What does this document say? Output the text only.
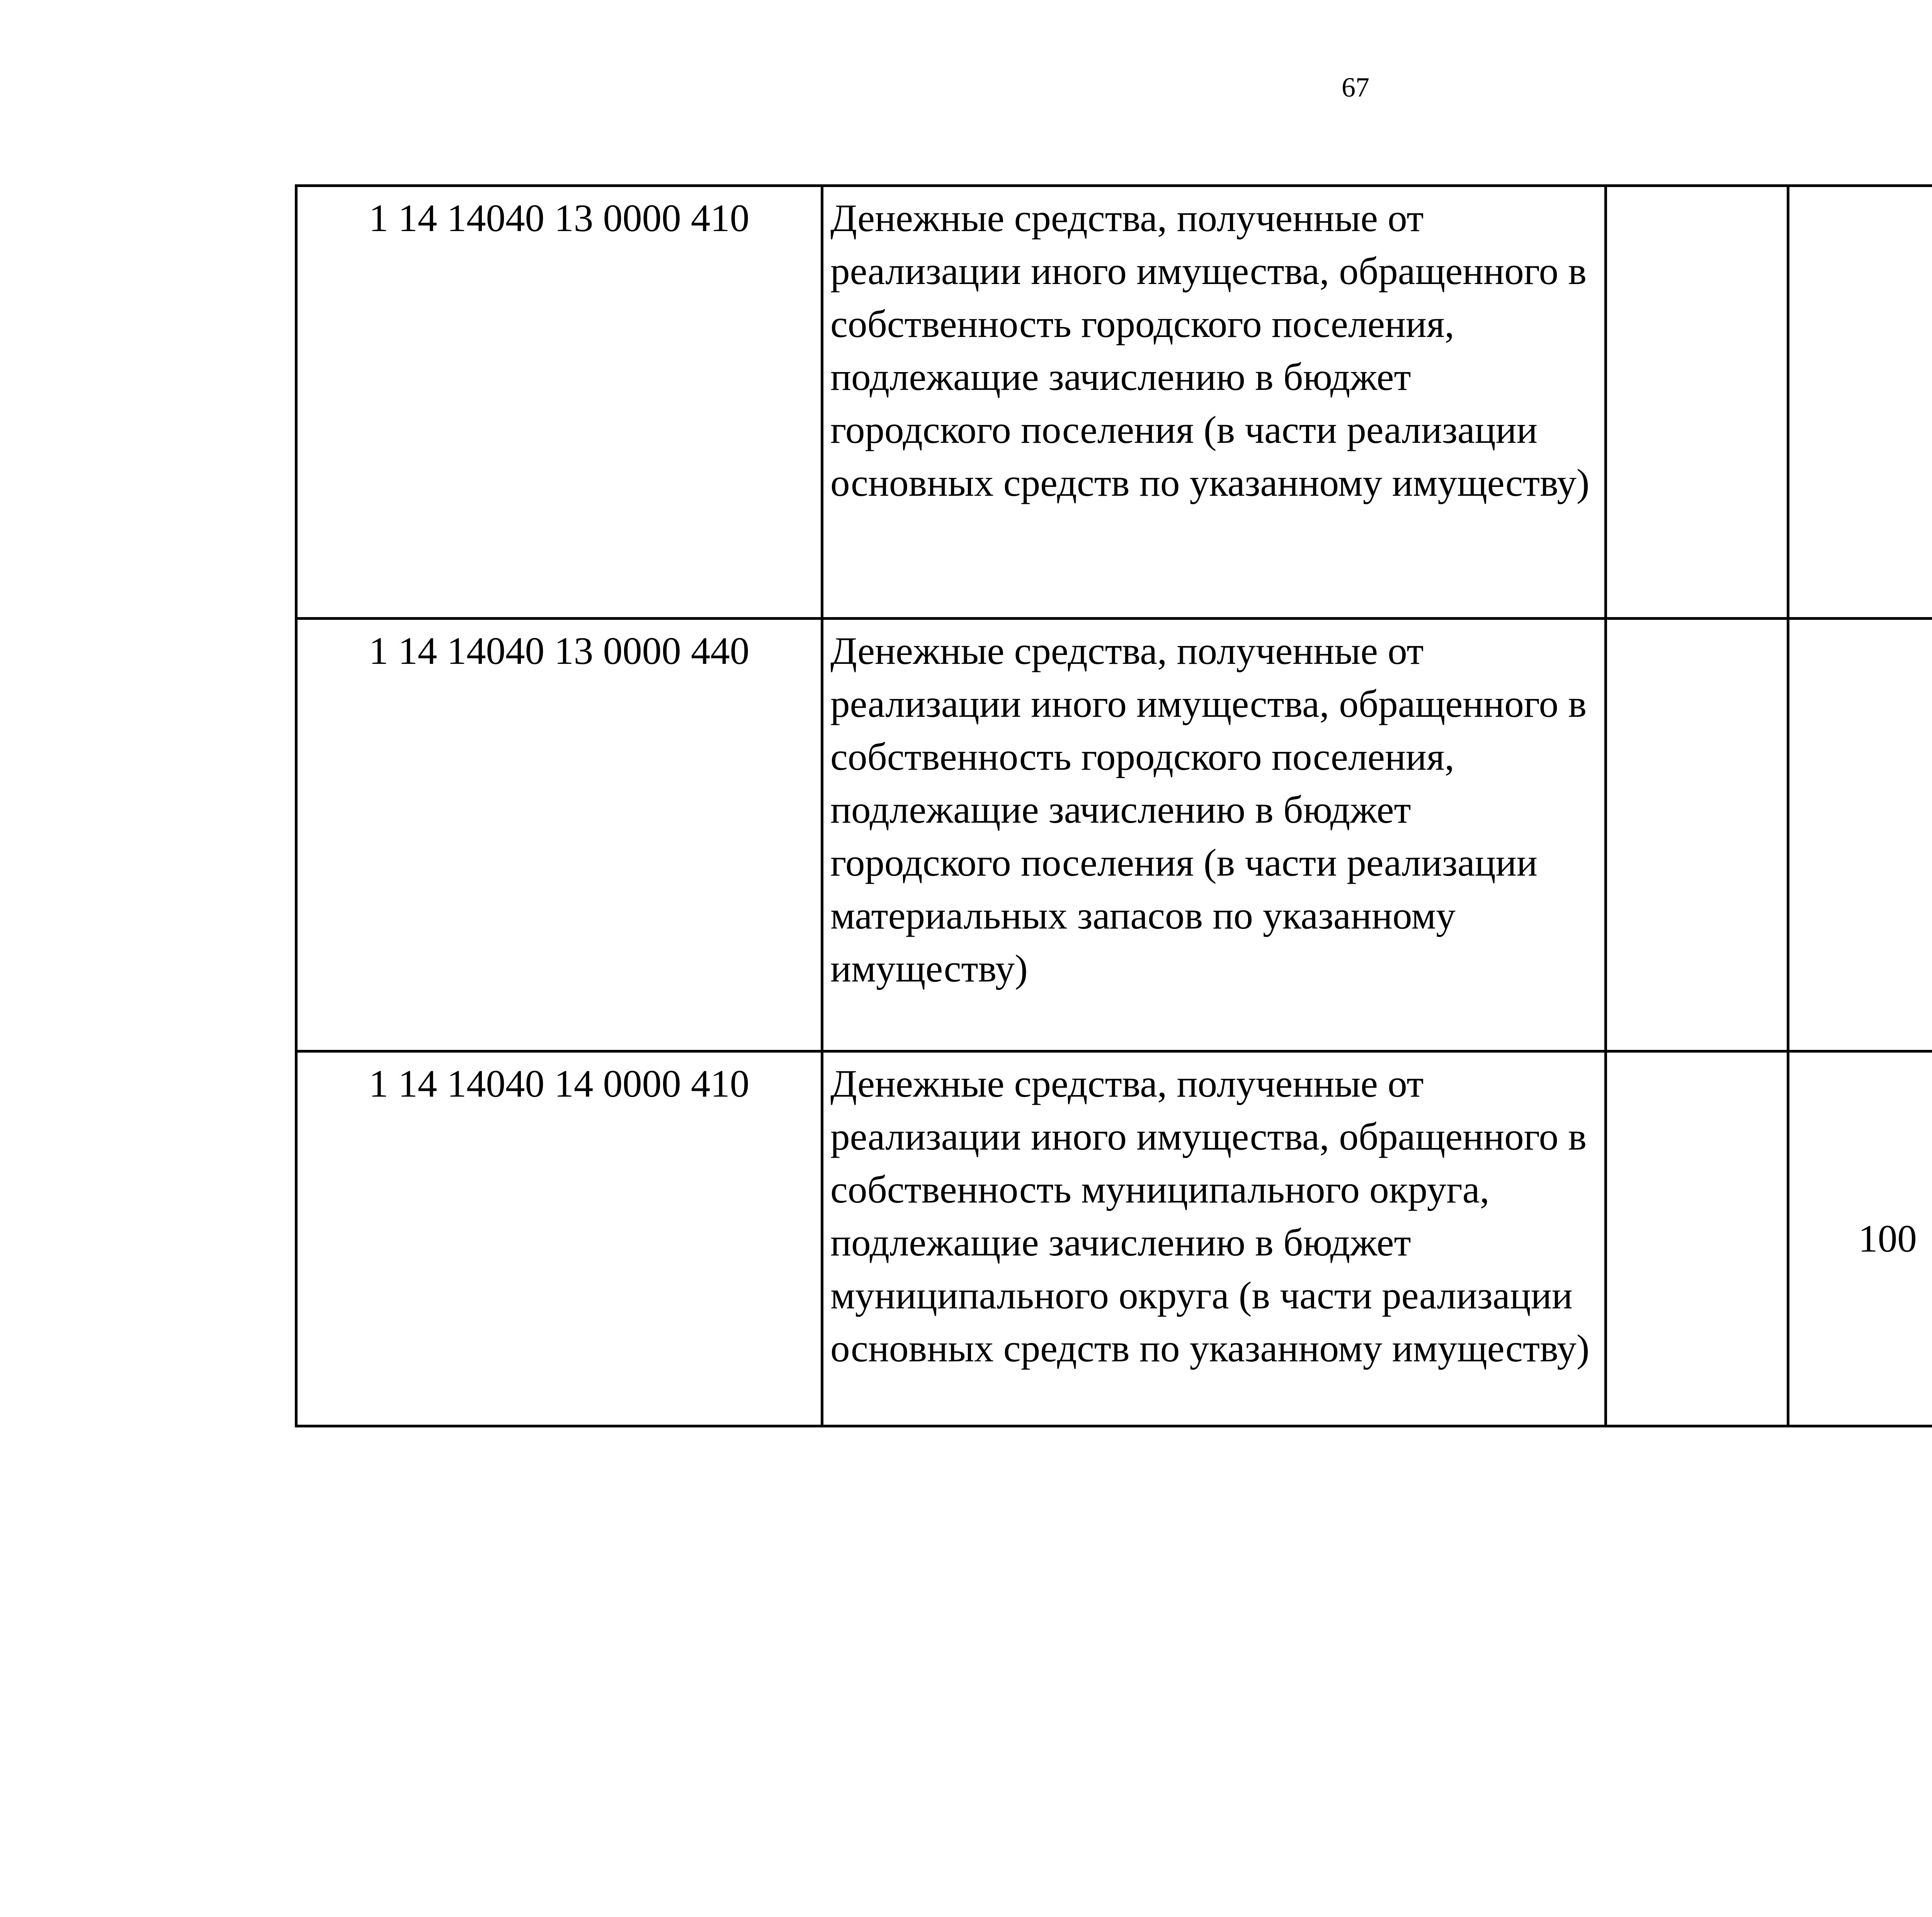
67
1 14 14040 13 0000 410	Денежные средства, полученные от реализации иного имущества, обращенного в собственность городского поселения, подлежащие зачислению в бюджет городского поселения (в части реализации основных средств по указанному имуществу)					
1 14 14040 13 0000 440	Денежные средства, полученные от реализации иного имущества, обращенного в собственность городского поселения, подлежащие зачислению в бюджет городского поселения (в части реализации материальных запасов по указанному имуществу)					
1 14 14040 14 0000 410	Денежные средства, полученные от реализации иного имущества, обращенного в собственность муниципального округа, подлежащие зачислению в бюджет муниципального округа (в части реализации основных средств по указанному имуществу)		100			
